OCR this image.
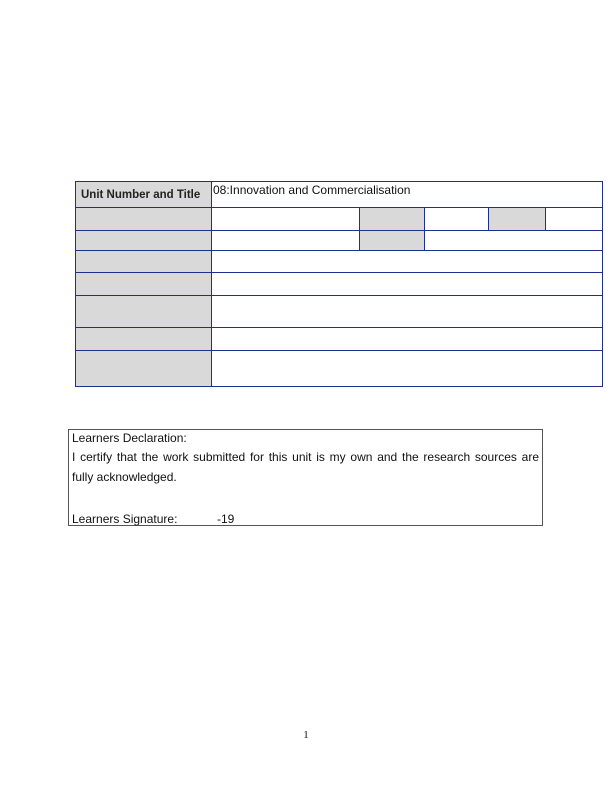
Unit Number and Title	08:Innovation and Commercialisation				

Learners Declaration:
I certify that the work submitted for this unit is my own and the research sources are fully acknowledged.
Learners Signature:	-19
1
